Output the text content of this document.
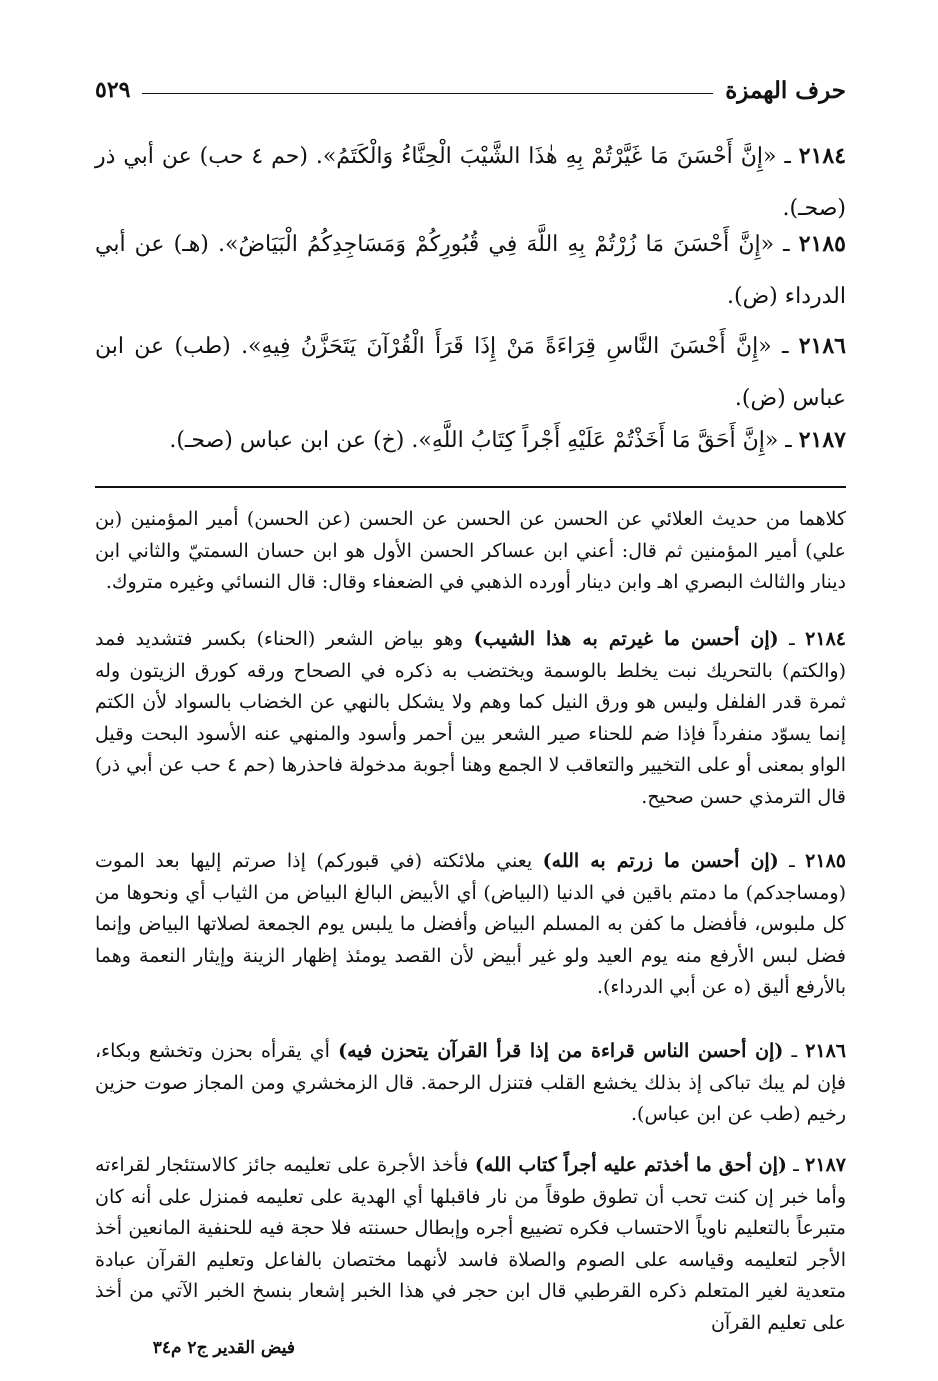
حرف الهمزة
٥٢٩
٢١٨٤ ـ «إِنَّ أَحْسَنَ مَا غَيَّرْتُمْ بِهِ هٰذَا الشَّيْبَ الْحِنَّاءُ وَالْكَتَمُ». (حم ٤ حب) عن أبي ذر (صحـ).
٢١٨٥ ـ «إِنَّ أَحْسَنَ مَا زُرْتُمْ بِهِ اللَّهَ فِي قُبُورِكُمْ وَمَسَاجِدِكُمُ الْبَيَاضُ». (هـ) عن أبي الدرداء (ض).
٢١٨٦ ـ «إِنَّ أَحْسَنَ النَّاسِ قِرَاءَةً مَنْ إِذَا قَرَأَ الْقُرْآنَ يَتَحَزَّنُ فِيهِ». (طب) عن ابن عباس (ض).
٢١٨٧ ـ «إِنَّ أَحَقَّ مَا أَخَذْتُمْ عَلَيْهِ أَجْراً كِتَابُ اللَّهِ». (خ) عن ابن عباس (صحـ).
كلاهما من حديث العلائي عن الحسن عن الحسن عن الحسن (عن الحسن) أمير المؤمنين (بن علي) أمير المؤمنين ثم قال: أعني ابن عساكر الحسن الأول هو ابن حسان السمتيّ والثاني ابن دينار والثالث البصري اهـ وابن دينار أورده الذهبي في الضعفاء وقال: قال النسائي وغيره متروك.
٢١٨٤ ـ (إن أحسن ما غيرتم به هذا الشيب) وهو بياض الشعر (الحناء) بكسر فتشديد فمد (والكتم) بالتحريك نبت يخلط بالوسمة ويختضب به ذكره في الصحاح ورقه كورق الزيتون وله ثمرة قدر الفلفل وليس هو ورق النيل كما وهم ولا يشكل بالنهي عن الخضاب بالسواد لأن الكتم إنما يسوّد منفرداً فإذا ضم للحناء صير الشعر بين أحمر وأسود والمنهي عنه الأسود البحت وقيل الواو بمعنى أو على التخيير والتعاقب لا الجمع وهنا أجوبة مدخولة فاحذرها (حم ٤ حب عن أبي ذر) قال الترمذي حسن صحيح.
٢١٨٥ ـ (إن أحسن ما زرتم به الله) يعني ملائكته (في قبوركم) إذا صرتم إليها بعد الموت (ومساجدكم) ما دمتم باقين في الدنيا (البياض) أي الأبيض البالغ البياض من الثياب أي ونحوها من كل ملبوس، فأفضل ما كفن به المسلم البياض وأفضل ما يلبس يوم الجمعة لصلاتها البياض وإنما فضل لبس الأرفع منه يوم العيد ولو غير أبيض لأن القصد يومئذ إظهار الزينة وإيثار النعمة وهما بالأرفع أليق (ه عن أبي الدرداء).
٢١٨٦ ـ (إن أحسن الناس قراءة من إذا قرأ القرآن يتحزن فيه) أي يقرأه بحزن وتخشع وبكاء، فإن لم يبك تباكى إذ بذلك يخشع القلب فتنزل الرحمة. قال الزمخشري ومن المجاز صوت حزين رخيم (طب عن ابن عباس).
٢١٨٧ ـ (إن أحق ما أخذتم عليه أجراً كتاب الله) فأخذ الأجرة على تعليمه جائز كالاستئجار لقراءته وأما خبر إن كنت تحب أن تطوق طوقاً من نار فاقبلها أي الهدية على تعليمه فمنزل على أنه كان متبرعاً بالتعليم ناوياً الاحتساب فكره تضييع أجره وإبطال حسنته فلا حجة فيه للحنفية المانعين أخذ الأجر لتعليمه وقياسه على الصوم والصلاة فاسد لأنهما مختصان بالفاعل وتعليم القرآن عبادة متعدية لغير المتعلم ذكره القرطبي قال ابن حجر في هذا الخبر إشعار بنسخ الخبر الآتي من أخذ على تعليم القرآن
فيض القدير ج٢ م٣٤
